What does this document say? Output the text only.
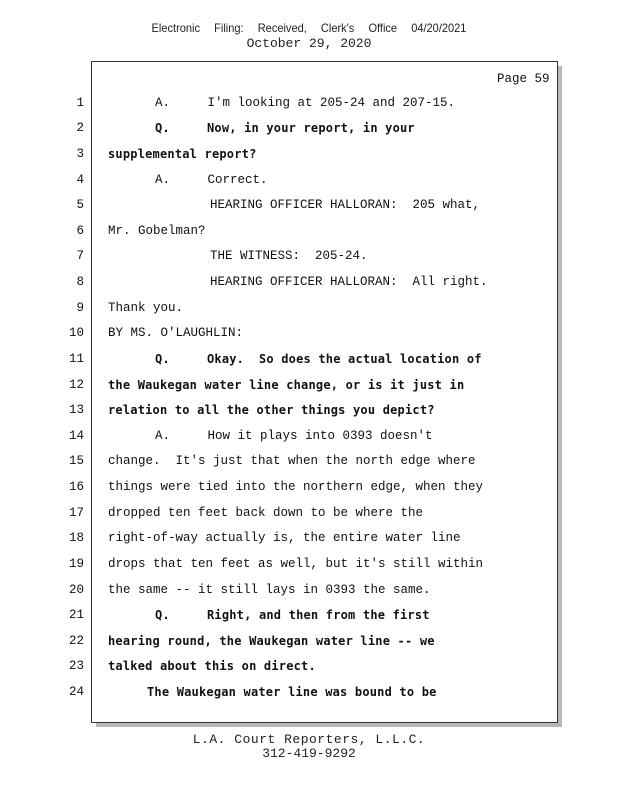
Electronic Filing: Received, Clerk's Office 04/20/2021
October 29, 2020
Page 59
1	A.     I'm looking at 205-24 and 207-15.
2	Q.     Now, in your report, in your
3 supplemental report?
4	A.     Correct.
5	HEARING OFFICER HALLORAN:  205 what,
6 Mr. Gobelman?
7	THE WITNESS:  205-24.
8	HEARING OFFICER HALLORAN:  All right.
9 Thank you.
10 BY MS. O'LAUGHLIN:
11	Q.     Okay.  So does the actual location of
12 the Waukegan water line change, or is it just in
13 relation to all the other things you depict?
14	A.     How it plays into 0393 doesn't
15 change.  It's just that when the north edge where
16 things were tied into the northern edge, when they
17 dropped ten feet back down to be where the
18 right-of-way actually is, the entire water line
19 drops that ten feet as well, but it's still within
20 the same -- it still lays in 0393 the same.
21	Q.     Right, and then from the first
22 hearing round, the Waukegan water line -- we
23 talked about this on direct.
24	The Waukegan water line was bound to be
L.A. Court Reporters, L.L.C.
312-419-9292
